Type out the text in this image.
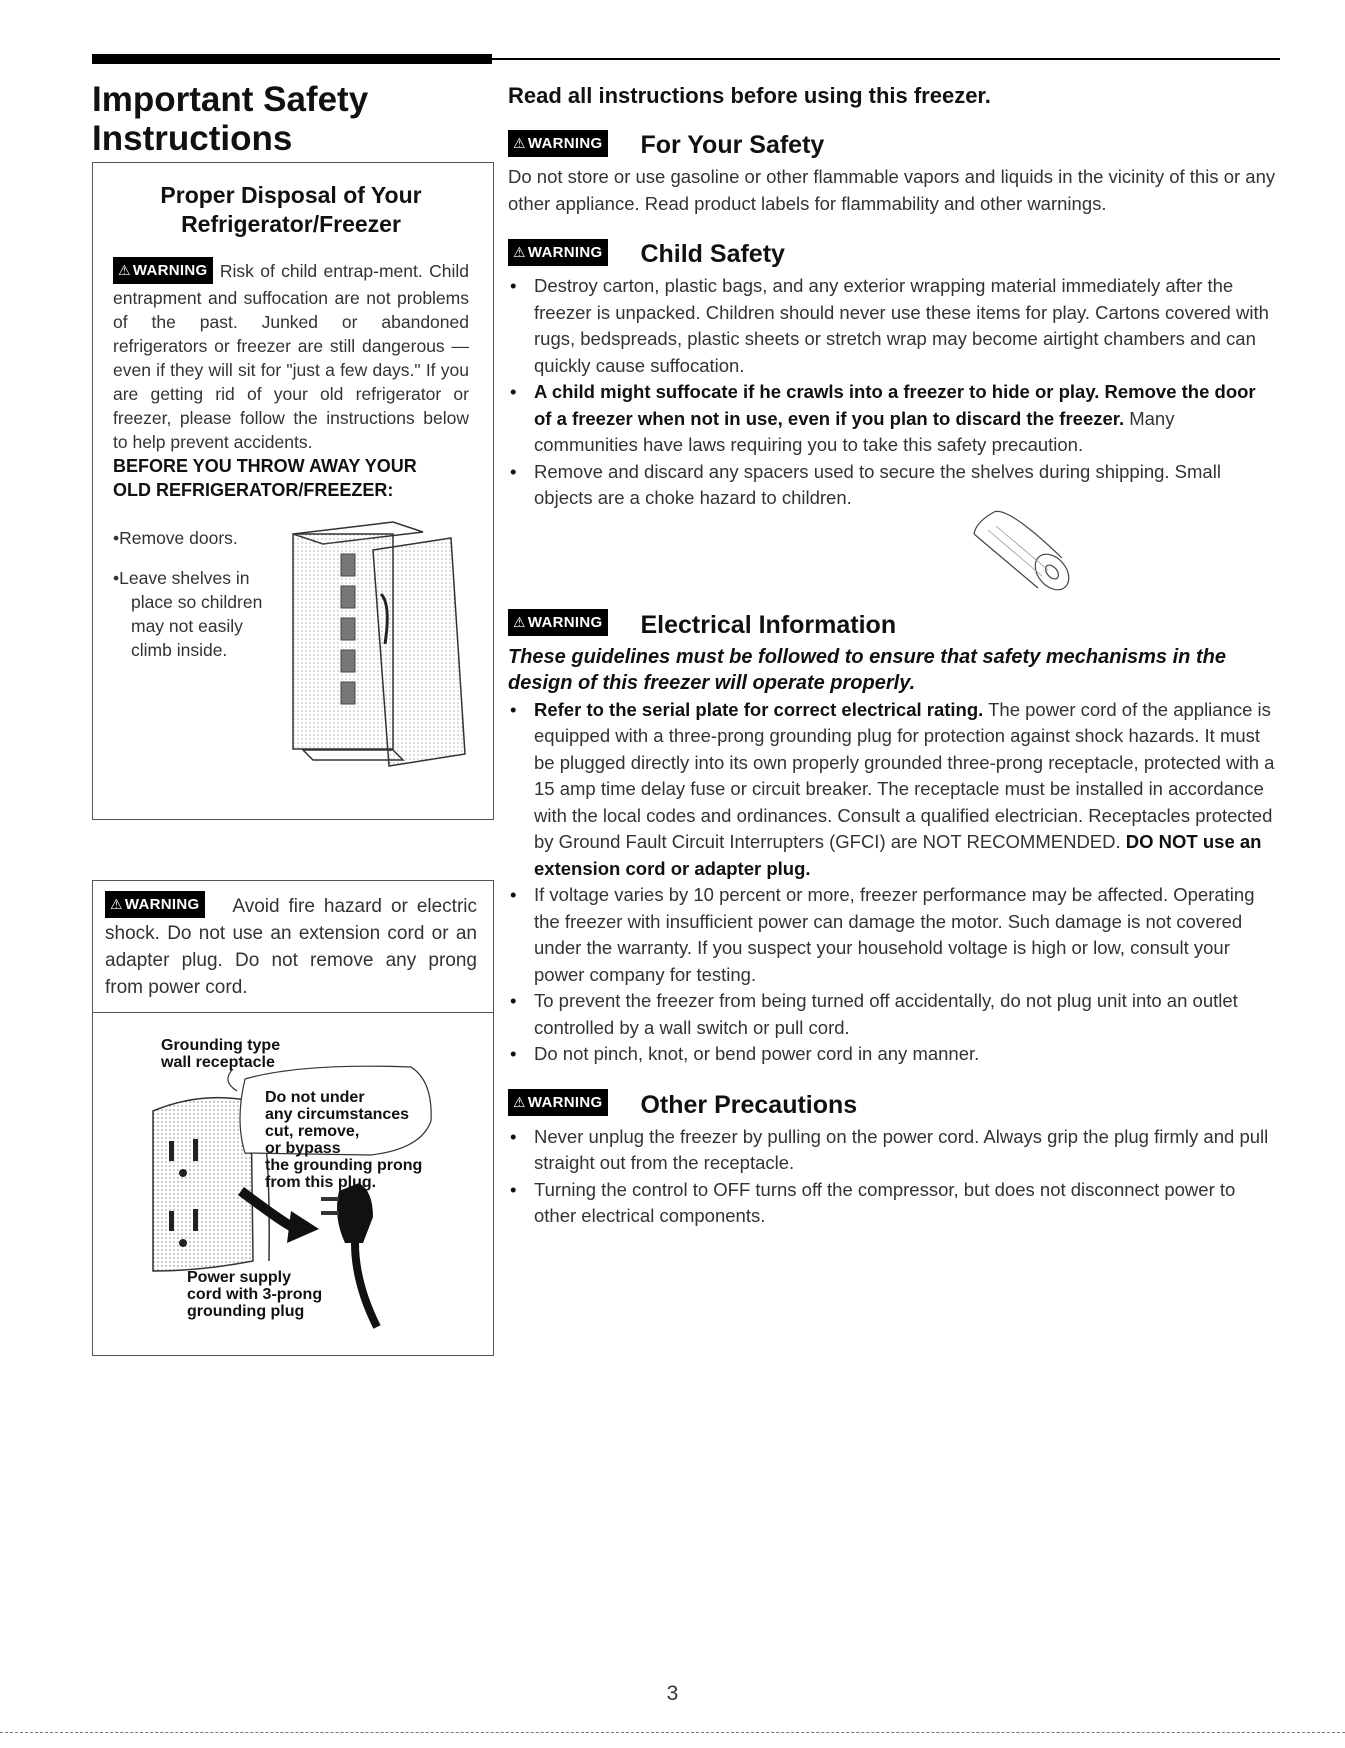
Important Safety
Instructions
Proper Disposal of Your
Refrigerator/Freezer
⚠ WARNING Risk of child entrap-ment. Child entrapment and suffocation are not problems of the past. Junked or abandoned refrigerators or freezer are still dangerous — even if they will sit for "just a few days." If you are getting rid of your old refrigerator or freezer, please follow the instructions below to help prevent accidents.
BEFORE YOU THROW AWAY YOUR
OLD REFRIGERATOR/FREEZER:
•Remove doors.
•Leave shelves in
place so children may not easily climb inside.
⚠ WARNING Avoid fire hazard or electric shock. Do not use an extension cord or an adapter plug. Do not remove any prong from power cord.
Grounding type
wall receptacle
Do not under
any circumstances
cut, remove,
or bypass
the grounding prong
from this plug.
Power supply
cord with 3-prong
grounding plug
Read all instructions before using this freezer.
⚠ WARNING For Your Safety
Do not store or use gasoline or other flammable vapors and liquids in the vicinity of this or any other appliance. Read product labels for flammability and other warnings.
⚠ WARNING Child Safety
• Destroy carton, plastic bags, and any exterior wrapping material immediately after the freezer is unpacked. Children should never use these items for play. Cartons covered with rugs, bedspreads, plastic sheets or stretch wrap may become airtight chambers and can quickly cause suffocation.
• A child might suffocate if he crawls into a freezer to hide or play. Remove the door of a freezer when not in use, even if you plan to discard the freezer. Many communities have laws requiring you to take this safety precaution.
• Remove and discard any spacers used to secure the shelves during shipping. Small objects are a choke hazard to children.
⚠ WARNING Electrical Information
These guidelines must be followed to ensure that safety mechanisms in the design of this freezer will operate properly.
• Refer to the serial plate for correct electrical rating. The power cord of the appliance is equipped with a three-prong grounding plug for protection against shock hazards. It must be plugged directly into its own properly grounded three-prong receptacle, protected with a 15 amp time delay fuse or circuit breaker. The receptacle must be installed in accordance with the local codes and ordinances. Consult a qualified electrician. Receptacles protected by Ground Fault Circuit Interrupters (GFCI) are NOT RECOMMENDED. DO NOT use an extension cord or adapter plug.
• If voltage varies by 10 percent or more, freezer performance may be affected. Operating the freezer with insufficient power can damage the motor. Such damage is not covered under the warranty. If you suspect your household voltage is high or low, consult your power company for testing.
• To prevent the freezer from being turned off accidentally, do not plug unit into an outlet controlled by a wall switch or pull cord.
• Do not pinch, knot, or bend power cord in any manner.
⚠ WARNING Other Precautions
• Never unplug the freezer by pulling on the power cord. Always grip the plug firmly and pull straight out from the receptacle.
• Turning the control to OFF turns off the compressor, but does not disconnect power to other electrical components.
3
